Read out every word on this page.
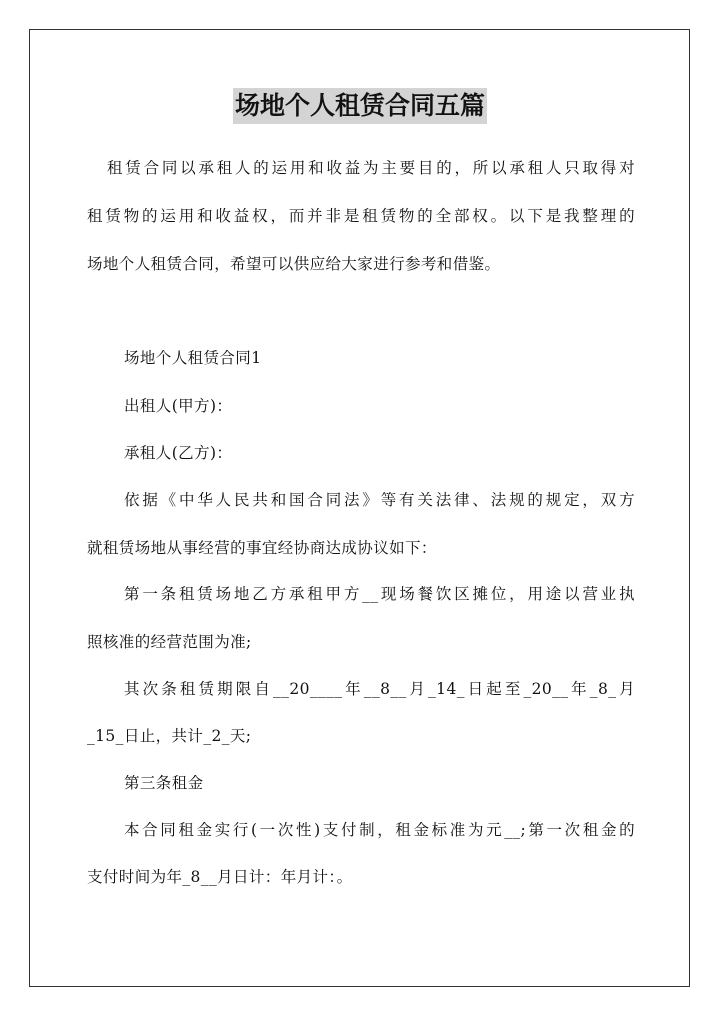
场地个人租赁合同五篇
租赁合同以承租人的运用和收益为主要目的，所以承租人只取得对
租赁物的运用和收益权，而并非是租赁物的全部权。以下是我整理的
场地个人租赁合同，希望可以供应给大家进行参考和借鉴。
场地个人租赁合同1
出租人(甲方)：
承租人(乙方)：
依据《中华人民共和国合同法》等有关法律、法规的规定，双方
就租赁场地从事经营的事宜经协商达成协议如下：
第一条租赁场地乙方承租甲方__现场餐饮区摊位，用途以营业执
照核准的经营范围为准;
其次条租赁期限自__20____年__8__月_14_日起至_20__年_8_月
_15_日止，共计_2_天;
第三条租金
本合同租金实行(一次性)支付制，租金标准为元__;第一次租金的
支付时间为年_8__月日计：年月计：。
